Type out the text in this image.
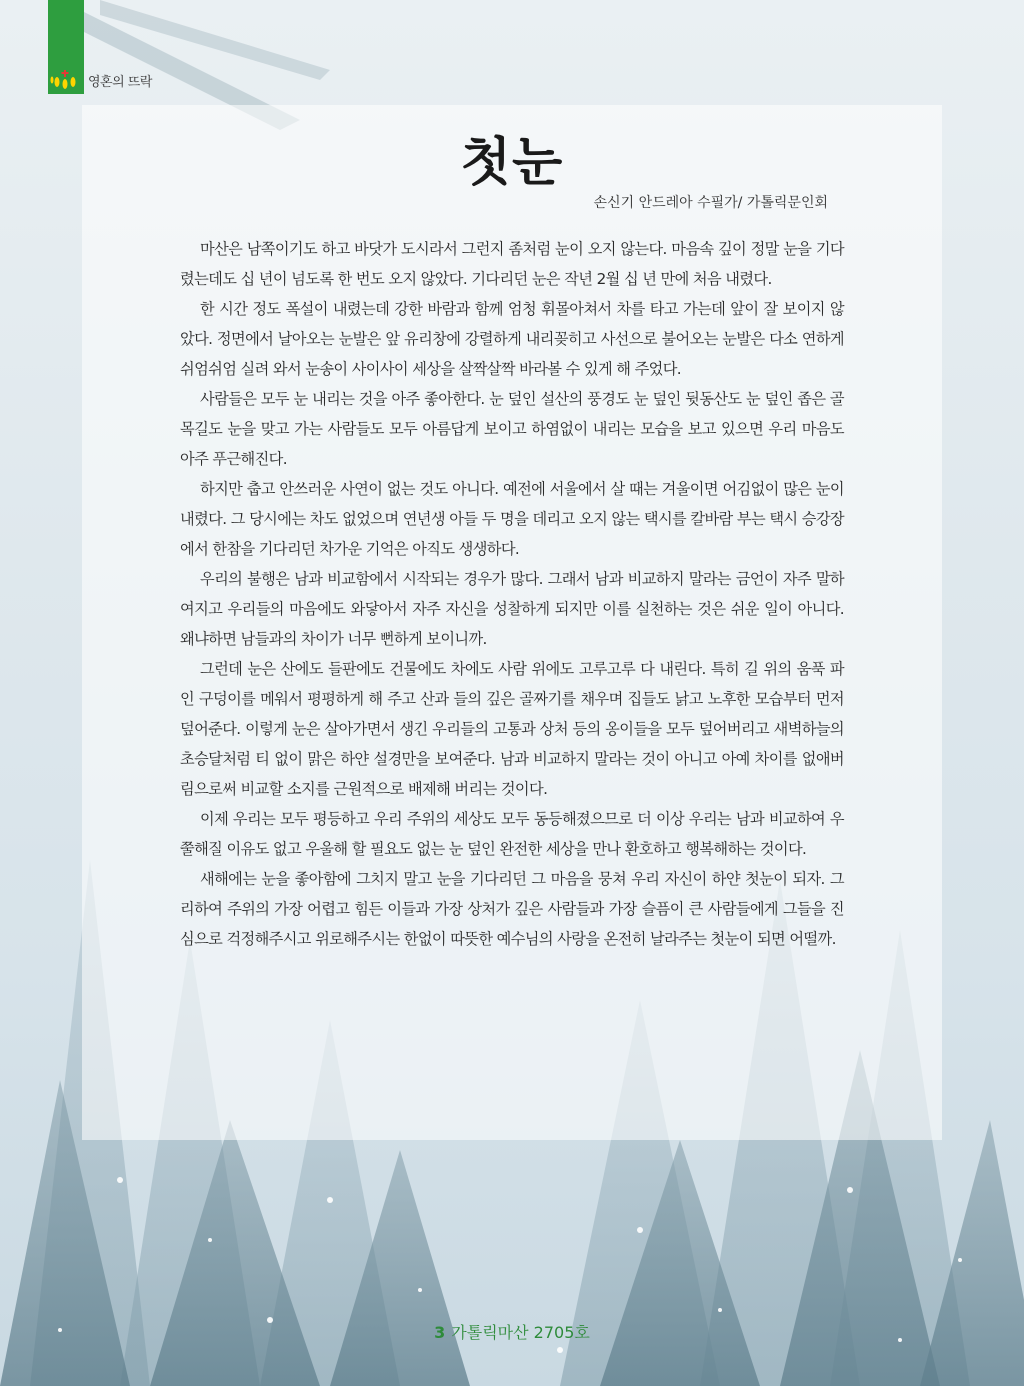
영혼의 뜨락
첫눈
손신기 안드레아 수필가/ 가톨릭문인회

마산은 남쪽이기도 하고 바닷가 도시라서 그런지 좀처럼 눈이 오지 않는다. 마음속 깊이 정말 눈을 기다렸는데도 십 년이 넘도록 한 번도 오지 않았다. 기다리던 눈은 작년 2월 십 년 만에 처음 내렸다.

한 시간 정도 폭설이 내렸는데 강한 바람과 함께 엄청 휘몰아쳐서 차를 타고 가는데 앞이 잘 보이지 않았다. 정면에서 날아오는 눈발은 앞 유리창에 강렬하게 내리꽂히고 사선으로 불어오는 눈발은 다소 연하게 쉬엄쉬엄 실려 와서 눈송이 사이사이 세상을 살짝살짝 바라볼 수 있게 해 주었다.

사람들은 모두 눈 내리는 것을 아주 좋아한다. 눈 덮인 설산의 풍경도 눈 덮인 뒷동산도 눈 덮인 좁은 골목길도 눈을 맞고 가는 사람들도 모두 아름답게 보이고 하염없이 내리는 모습을 보고 있으면 우리 마음도 아주 푸근해진다.

하지만 춥고 안쓰러운 사연이 없는 것도 아니다. 예전에 서울에서 살 때는 겨울이면 어김없이 많은 눈이 내렸다. 그 당시에는 차도 없었으며 연년생 아들 두 명을 데리고 오지 않는 택시를 칼바람 부는 택시 승강장에서 한참을 기다리던 차가운 기억은 아직도 생생하다.

우리의 불행은 남과 비교함에서 시작되는 경우가 많다. 그래서 남과 비교하지 말라는 금언이 자주 말하여지고 우리들의 마음에도 와닿아서 자주 자신을 성찰하게 되지만 이를 실천하는 것은 쉬운 일이 아니다. 왜냐하면 남들과의 차이가 너무 뻔하게 보이니까.

그런데 눈은 산에도 들판에도 건물에도 차에도 사람 위에도 고루고루 다 내린다. 특히 길 위의 움푹 파인 구덩이를 메워서 평평하게 해 주고 산과 들의 깊은 골짜기를 채우며 집들도 낡고 노후한 모습부터 먼저 덮어준다. 이렇게 눈은 살아가면서 생긴 우리들의 고통과 상처 등의 옹이들을 모두 덮어버리고 새벽하늘의 초승달처럼 티 없이 맑은 하얀 설경만을 보여준다. 남과 비교하지 말라는 것이 아니고 아예 차이를 없애버림으로써 비교할 소지를 근원적으로 배제해 버리는 것이다.

이제 우리는 모두 평등하고 우리 주위의 세상도 모두 동등해졌으므로 더 이상 우리는 남과 비교하여 우쭐해질 이유도 없고 우울해 할 필요도 없는 눈 덮인 완전한 세상을 만나 환호하고 행복해하는 것이다.

새해에는 눈을 좋아함에 그치지 말고 눈을 기다리던 그 마음을 뭉쳐 우리 자신이 하얀 첫눈이 되자. 그리하여 주위의 가장 어렵고 힘든 이들과 가장 상처가 깊은 사람들과 가장 슬픔이 큰 사람들에게 그들을 진심으로 걱정해주시고 위로해주시는 한없이 따뜻한 예수님의 사랑을 온전히 날라주는 첫눈이 되면 어떨까.

3 가톨릭마산 2705호
